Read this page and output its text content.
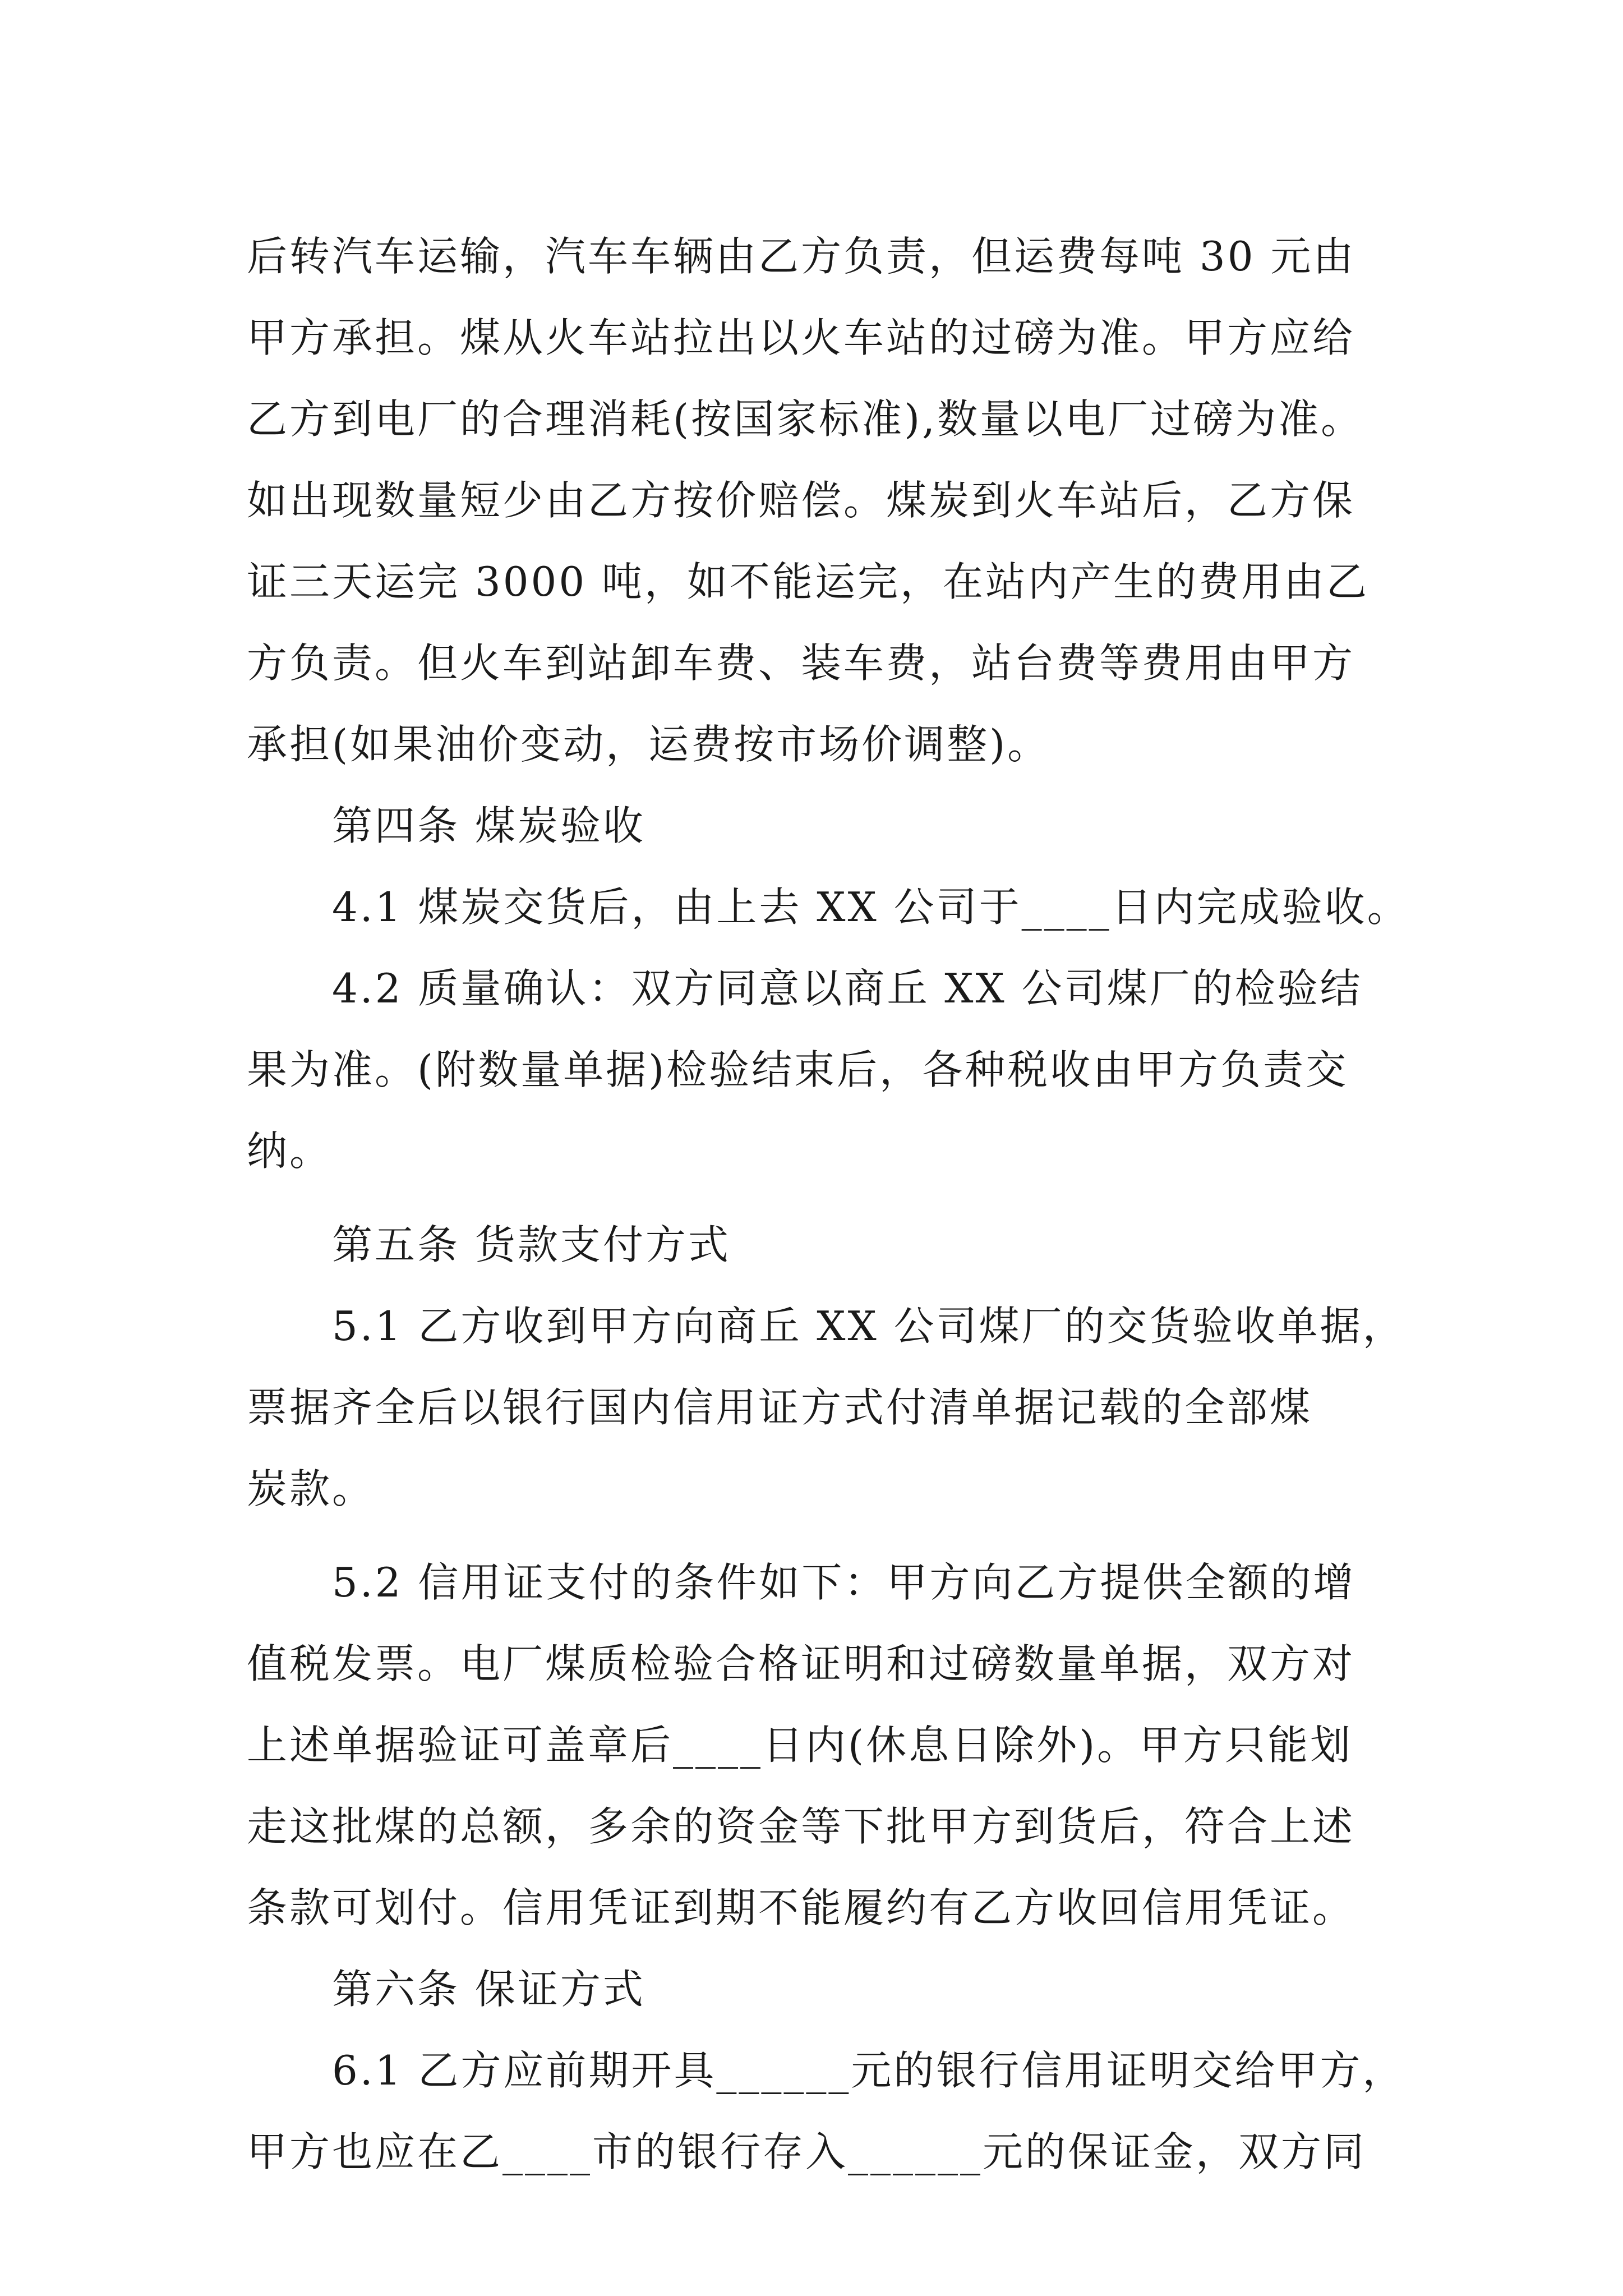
后转汽车运输，汽车车辆由乙方负责，但运费每吨 30 元由
甲方承担。煤从火车站拉出以火车站的过磅为准。甲方应给
乙方到电厂的合理消耗(按国家标准),数量以电厂过磅为准。
如出现数量短少由乙方按价赔偿。煤炭到火车站后，乙方保
证三天运完 3000 吨，如不能运完，在站内产生的费用由乙
方负责。但火车到站卸车费、装车费，站台费等费用由甲方
承担(如果油价变动，运费按市场价调整)。
第四条 煤炭验收
4.1 煤炭交货后，由上去 XX 公司于____日内完成验收。
4.2 质量确认：双方同意以商丘 XX 公司煤厂的检验结
果为准。(附数量单据)检验结束后，各种税收由甲方负责交
纳。
第五条 货款支付方式
5.1 乙方收到甲方向商丘 XX 公司煤厂的交货验收单据，
票据齐全后以银行国内信用证方式付清单据记载的全部煤
炭款。
5.2 信用证支付的条件如下：甲方向乙方提供全额的增
值税发票。电厂煤质检验合格证明和过磅数量单据，双方对
上述单据验证可盖章后____日内(休息日除外)。甲方只能划
走这批煤的总额，多余的资金等下批甲方到货后，符合上述
条款可划付。信用凭证到期不能履约有乙方收回信用凭证。
第六条 保证方式
6.1 乙方应前期开具______元的银行信用证明交给甲方，
甲方也应在乙____市的银行存入______元的保证金，双方同
